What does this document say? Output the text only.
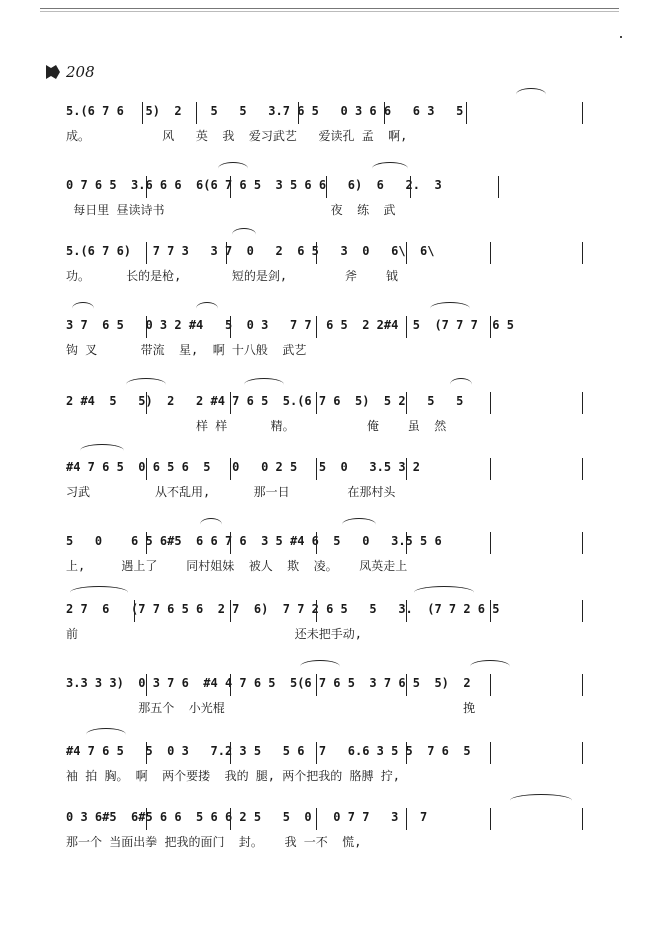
208
5.(6 7 6   5)  2    5   5   3.7 6 5   0 3 6 6   6 3   5
成。          风   英  我  爱习武艺   爱读孔 孟  啊,
0 7 6 5  3.6 6 6  6(6 7 6 5  3 5 6 6   6)  6   2.  3
每日里 昼读诗书                       夜  练  武
5.(6 7 6)   7 7 3   3 7  0   2  6 5   3  0   6\  6\
功。     长的是枪,       短的是剑,        斧    钺
3 7  6 5   0 3 2 #4   5  0 3   7 7  6 5  2 2#4  5  (7 7 7  6 5
钩 叉      带流  星,  啊 十八般  武艺
2 #4  5   5)  2   2 #4 7 6 5  5.(6 7 6  5)  5 2   5   5
样 样      精。          俺    虽  然
#4 7 6 5  0 6 5 6  5   0   0 2 5   5  0   3.5 3 2
习武         从不乱用,      那一日        在那村头
5   0    6 5 6#5  6 6 7 6  3 5 #4 6  5   0   3.5 5 6
上,     遇上了    同村姐妹  被人  欺  凌。   凤英走上
2 7  6   (7 7 6 5 6  2 7  6)  7 7 2 6 5   5   3.  (7 7 2 6 5
前                              还未把手动,
3.3 3 3)  0 3 7 6  #4 4 7 6 5  5(6 7 6 5  3 7 6 5  5)  2
那五个  小光棍                                 挽
#4 7 6 5   5  0 3   7.2 3 5   5 6  7   6.6 3 5 5  7 6  5
袖 拍 胸。 啊  两个要搂  我的 腿, 两个把我的 胳膊 拧,
0 3 6#5  6#5 6 6  5 6 6 2 5   5  0   0 7 7   3   7
那一个 当面出拳 把我的面门  封。   我 一不  慌,
